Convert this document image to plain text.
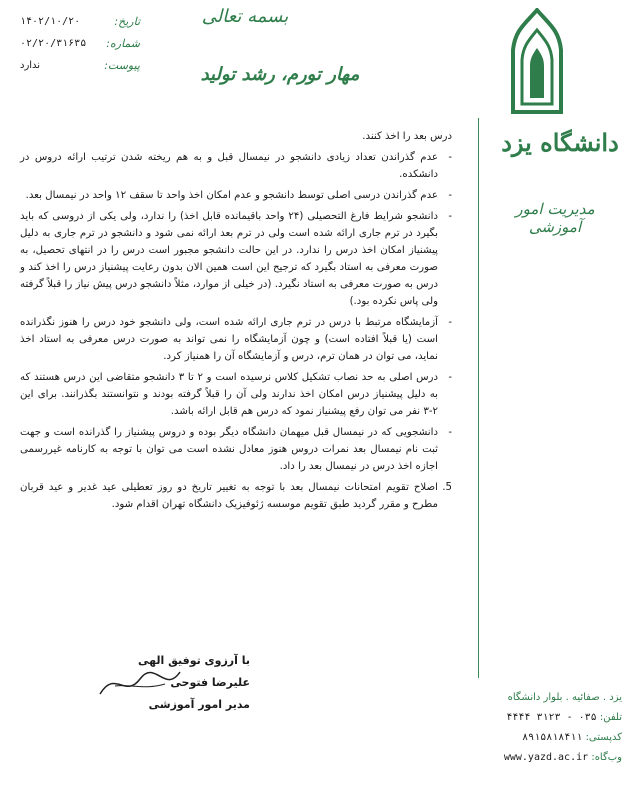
دانشگاه یزد
مدیریت امور آموزشی
بسمه تعالی
مهار تورم، رشد تولید
تاریخ:
۱۴۰۲/۱۰/۲۰
شماره:
۰۲/۲۰/۳۱۶۳۵
پیوست:
ندارد

درس بعد را اخذ کنند.

- عدم گذراندن تعداد زیادی دانشجو در نیمسال قبل و به هم ریخته شدن ترتیب ارائه دروس در دانشکده.

- عدم گذراندن درسی اصلی توسط دانشجو و عدم امکان اخذ واحد تا سقف ۱۲ واحد در نیمسال بعد.

- دانشجو شرایط فارغ التحصیلی (۲۴ واحد باقیمانده قابل اخذ) را ندارد، ولی یکی از دروسی که باید بگیرد در ترم جاری ارائه شده است ولی در ترم بعد ارائه نمی شود و دانشجو در ترم جاری به دلیل پیشنیاز امکان اخذ درس را ندارد. در این حالت دانشجو مجبور است درس را در انتهای تحصیل، به صورت معرفی به استاد بگیرد که ترجیح این است همین الان بدون رعایت پیشنیاز درس را اخذ کند و درس به صورت معرفی به استاد نگیرد. (در خیلی از موارد، مثلاً دانشجو درس پیش نیاز را قبلاً گرفته ولی پاس نکرده بود.)

- آزمایشگاه مرتبط با درس در ترم جاری ارائه شده است، ولی دانشجو خود درس را هنوز نگذرانده است (یا قبلاً افتاده است) و چون آزمایشگاه را نمی تواند به صورت درس معرفی به استاد اخذ نماید، می توان در همان ترم، درس و آزمایشگاه آن را همنیاز کرد.

- درس اصلی به حد نصاب تشکیل کلاس نرسیده است و ۲ تا ۳ دانشجو متقاضی این درس هستند که به دلیل پیشنیاز درس امکان اخذ ندارند ولی آن را قبلاً گرفته بودند و نتوانستند بگذرانند. برای این ۲-۳ نفر می توان رفع پیشنیاز نمود که درس هم قابل ارائه باشد.

- دانشجویی که در نیمسال قبل میهمان دانشگاه دیگر بوده و دروس پیشنیاز را گذرانده است و جهت ثبت نام نیمسال بعد نمرات دروس هنوز معادل نشده است می توان با توجه به کارنامه غیررسمی اجازه اخذ درس در نیمسال بعد را داد.

5.
اصلاح تقویم امتحانات نیمسال بعد با توجه به تغییر تاریخ دو روز تعطیلی عید غدیر و عید قربان مطرح و مقرر گردید طبق تقویم موسسه ژئوفیزیک دانشگاه تهران اقدام شود.

با آرزوی توفیق الهی
علیرضا فتوحی
مدیر امور آموزشی
یزد . صفائیه . بلوار دانشگاه
تلفن: ۰۳۵ - ۳۱۲۳ ۴۴۴۴
کدپستی: ۸۹۱۵۸۱۸۴۱۱
وب‌گاه: www.yazd.ac.ir
